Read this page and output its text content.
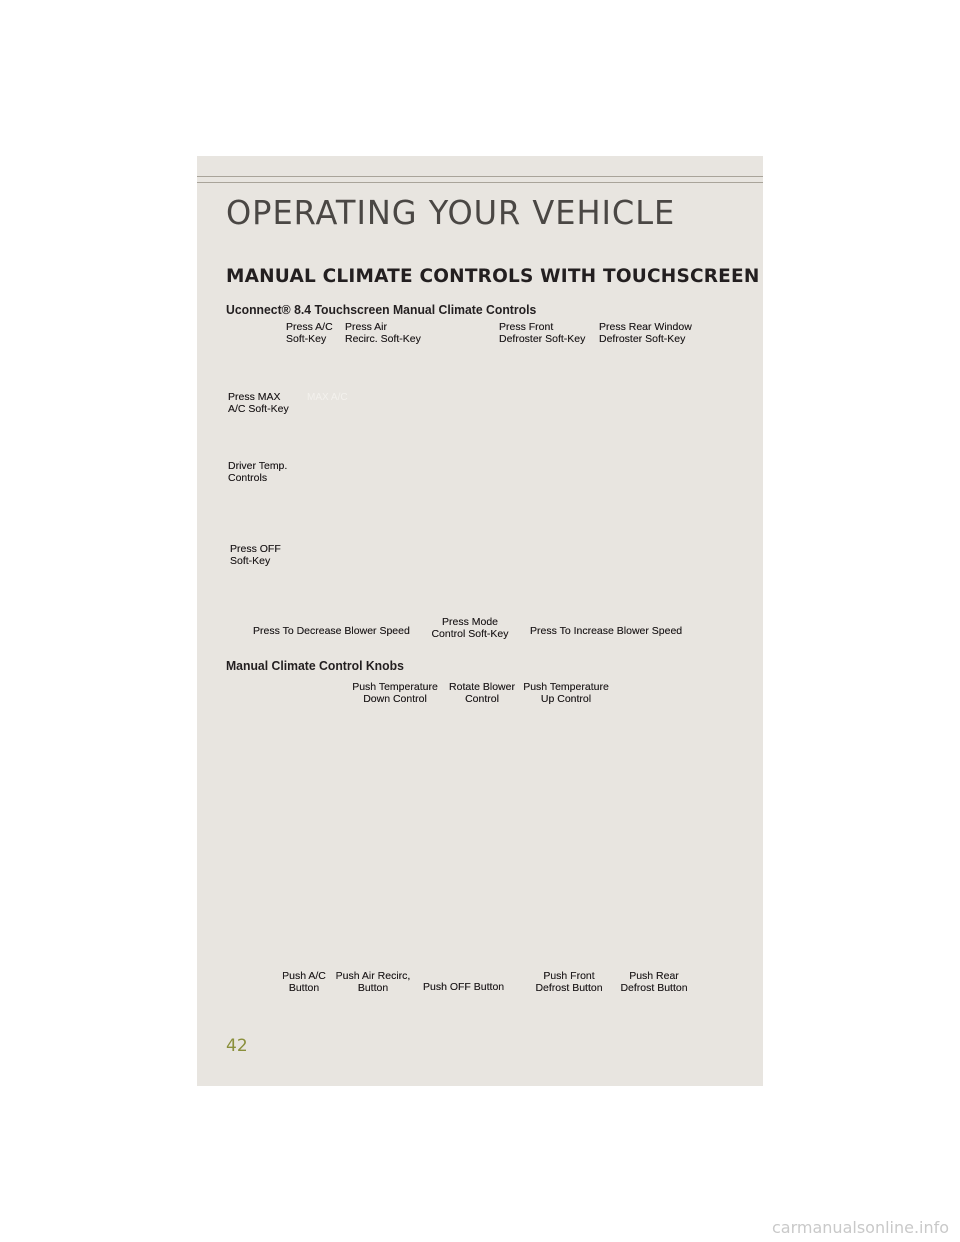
OPERATING YOUR VEHICLE
MANUAL CLIMATE CONTROLS WITH TOUCHSCREEN
Uconnect® 8.4 Touchscreen Manual Climate Controls
Press A/C
Soft-Key
Press Air
Recirc. Soft-Key
Press Front
Defroster Soft-Key
Press Rear Window
Defroster Soft-Key
Press MAX
A/C Soft-Key
MAX A/C
Driver Temp.
Controls
Press OFF
Soft-Key
Press To Decrease Blower Speed
Press Mode
Control Soft-Key Press To Increase Blower Speed
Manual Climate Control Knobs
Push Temperature
Down Control
Rotate Blower
Control
Push Temperature
Up Control
Push A/C
Button
Push Air Recirc,
Button	Push OFF Button
Push Front
Defrost Button
Push Rear
Defrost Button
42
carmanualsonline.info
